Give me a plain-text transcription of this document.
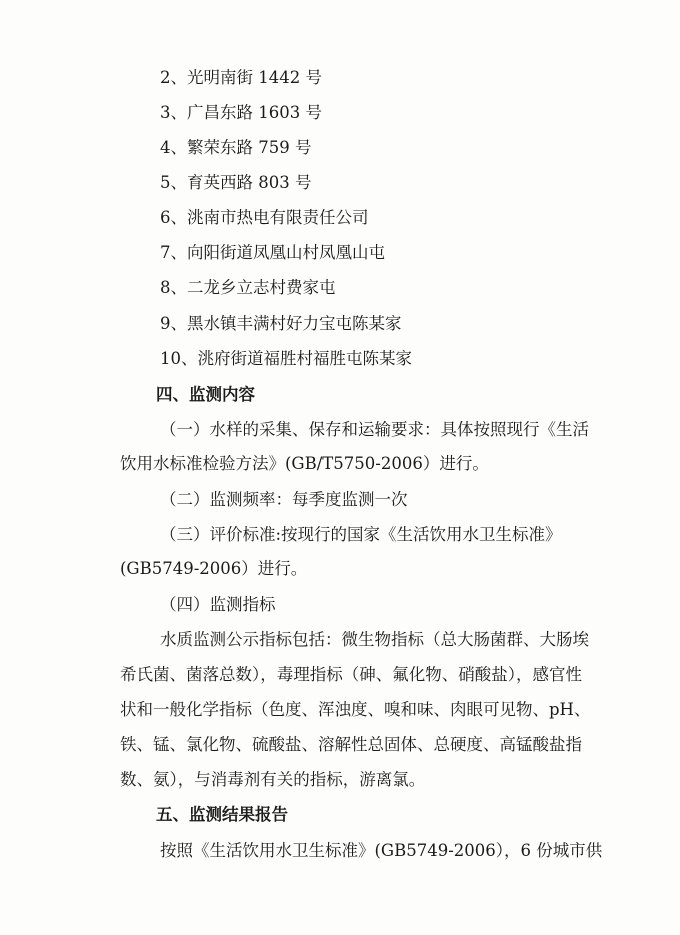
2、光明南街 1442 号
3、广昌东路 1603 号
4、繁荣东路 759 号
5、育英西路 803 号
6、洮南市热电有限责任公司
7、向阳街道凤凰山村凤凰山屯
8、二龙乡立志村费家屯
9、黑水镇丰满村好力宝屯陈某家
10、洮府街道福胜村福胜屯陈某家
四、监测内容
（一）水样的采集、保存和运输要求：具体按照现行《生活
饮用水标准检验方法》(GB/T5750-2006）进行。
（二）监测频率：每季度监测一次
（三）评价标准:按现行的国家《生活饮用水卫生标准》
(GB5749-2006）进行。
（四）监测指标
水质监测公示指标包括：微生物指标（总大肠菌群、大肠埃
希氏菌、菌落总数），毒理指标（砷、氟化物、硝酸盐），感官性
状和一般化学指标（色度、浑浊度、嗅和味、肉眼可见物、pH、
铁、锰、氯化物、硫酸盐、溶解性总固体、总硬度、高锰酸盐指
数、氨），与消毒剂有关的指标，游离氯。
五、监测结果报告
按照《生活饮用水卫生标准》(GB5749-2006），6 份城市供
